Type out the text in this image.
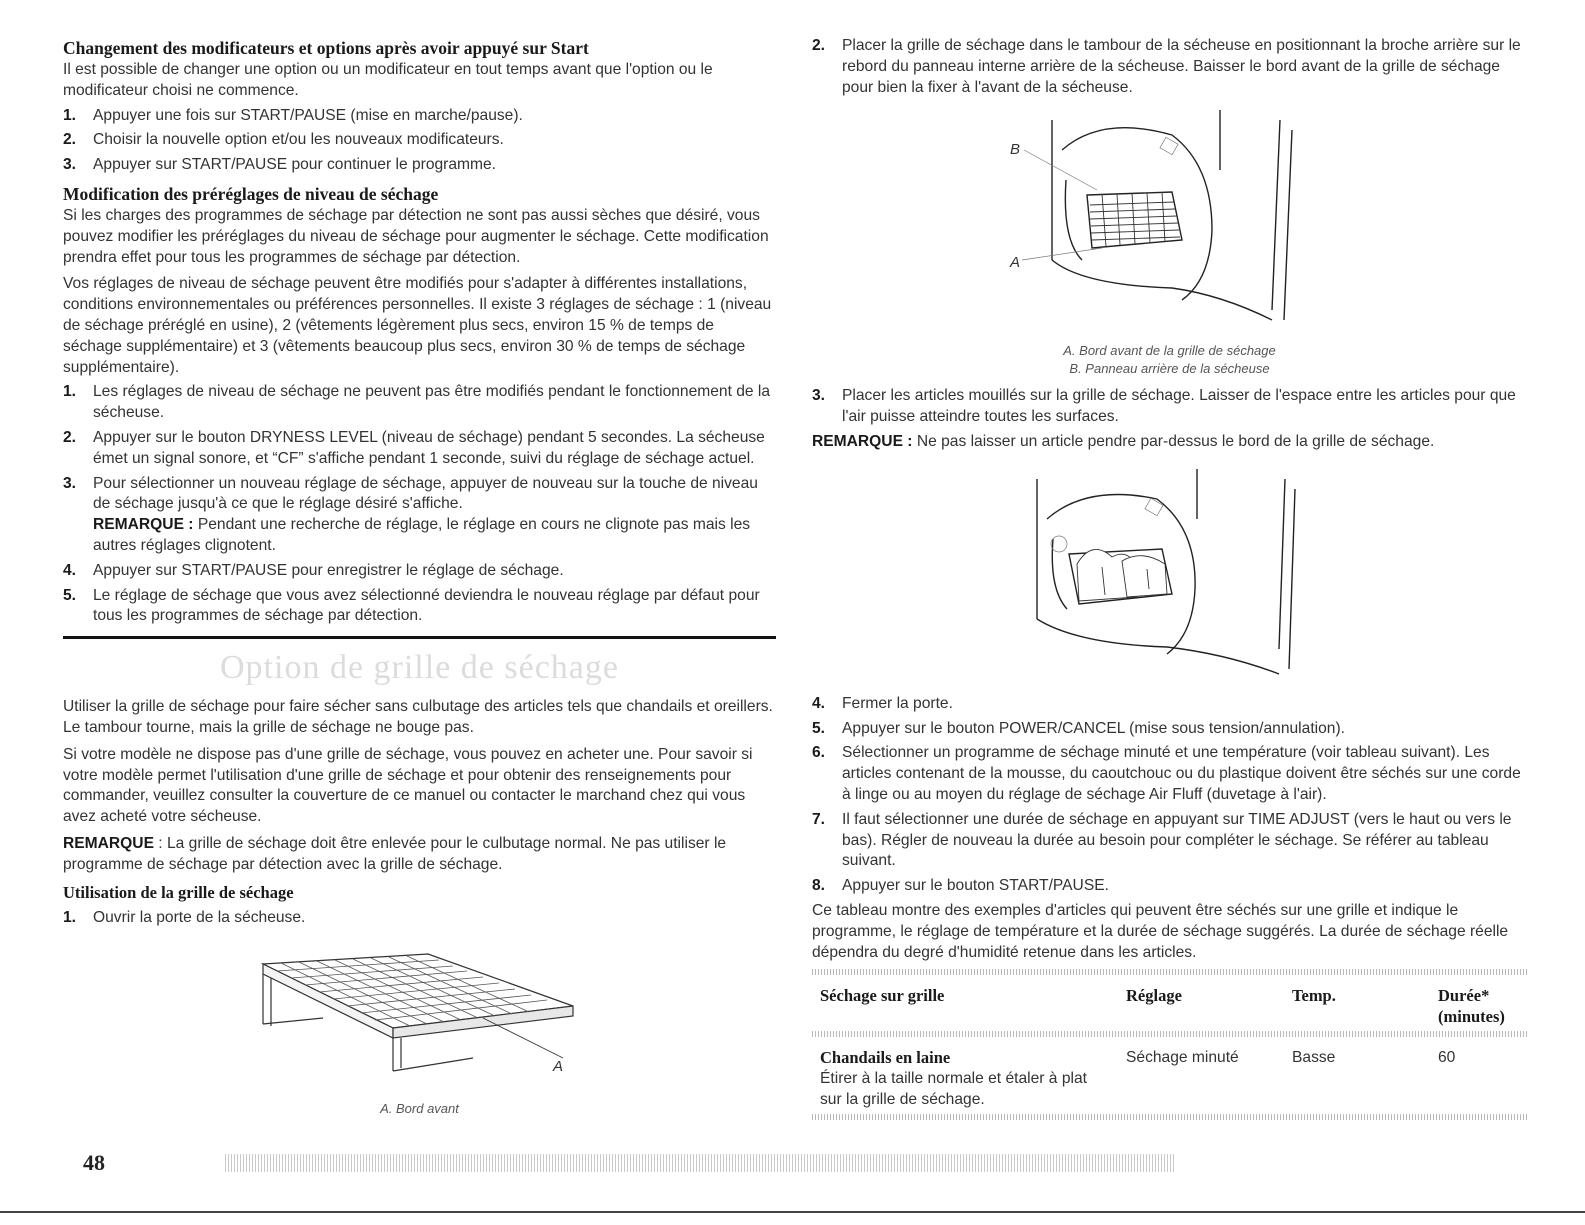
Changement des modificateurs et options après avoir appuyé sur Start

Il est possible de changer une option ou un modificateur en tout temps avant que l'option ou le modificateur choisi ne commence.

1. Appuyer une fois sur START/PAUSE (mise en marche/pause).
2. Choisir la nouvelle option et/ou les nouveaux modificateurs.
3. Appuyer sur START/PAUSE pour continuer le programme.
Modification des préréglages de niveau de séchage

Si les charges des programmes de séchage par détection ne sont pas aussi sèches que désiré, vous pouvez modifier les préréglages du niveau de séchage pour augmenter le séchage. Cette modification prendra effet pour tous les programmes de séchage par détection.

Vos réglages de niveau de séchage peuvent être modifiés pour s'adapter à différentes installations, conditions environnementales ou préférences personnelles. Il existe 3 réglages de séchage : 1 (niveau de séchage préréglé en usine), 2 (vêtements légèrement plus secs, environ 15 % de temps de séchage supplémentaire) et 3 (vêtements beaucoup plus secs, environ 30 % de temps de séchage supplémentaire).

1. Les réglages de niveau de séchage ne peuvent pas être modifiés pendant le fonctionnement de la sécheuse.
2. Appuyer sur le bouton DRYNESS LEVEL (niveau de séchage) pendant 5 secondes. La sécheuse émet un signal sonore, et “CF” s'affiche pendant 1 seconde, suivi du réglage de séchage actuel.
3. Pour sélectionner un nouveau réglage de séchage, appuyer de nouveau sur la touche de niveau de séchage jusqu'à ce que le réglage désiré s'affiche.
REMARQUE : Pendant une recherche de réglage, le réglage en cours ne clignote pas mais les autres réglages clignotent.
4. Appuyer sur START/PAUSE pour enregistrer le réglage de séchage.
5. Le réglage de séchage que vous avez sélectionné deviendra le nouveau réglage par défaut pour tous les programmes de séchage par détection.
Option de grille de séchage

Utiliser la grille de séchage pour faire sécher sans culbutage des articles tels que chandails et oreillers. Le tambour tourne, mais la grille de séchage ne bouge pas.

Si votre modèle ne dispose pas d'une grille de séchage, vous pouvez en acheter une. Pour savoir si votre modèle permet l'utilisation d'une grille de séchage et pour obtenir des renseignements pour commander, veuillez consulter la couverture de ce manuel ou contacter le marchand chez qui vous avez acheté votre sécheuse.

REMARQUE : La grille de séchage doit être enlevée pour le culbutage normal. Ne pas utiliser le programme de séchage par détection avec la grille de séchage.

Utilisation de la grille de séchage
1. Ouvrir la porte de la sécheuse.
A
A. Bord avant
2. Placer la grille de séchage dans le tambour de la sécheuse en positionnant la broche arrière sur le rebord du panneau interne arrière de la sécheuse. Baisser le bord avant de la grille de séchage pour bien la fixer à l'avant de la sécheuse.
B
A
A. Bord avant de la grille de séchage
B. Panneau arrière de la sécheuse
3. Placer les articles mouillés sur la grille de séchage. Laisser de l'espace entre les articles pour que l'air puisse atteindre toutes les surfaces.

REMARQUE : Ne pas laisser un article pendre par-dessus le bord de la grille de séchage.

4. Fermer la porte.
5. Appuyer sur le bouton POWER/CANCEL (mise sous tension/annulation).
6. Sélectionner un programme de séchage minuté et une température (voir tableau suivant). Les articles contenant de la mousse, du caoutchouc ou du plastique doivent être séchés sur une corde à linge ou au moyen du réglage de séchage Air Fluff (duvetage à l'air).
7. Il faut sélectionner une durée de séchage en appuyant sur TIME ADJUST (vers le haut ou vers le bas). Régler de nouveau la durée au besoin pour compléter le séchage. Se référer au tableau suivant.
8. Appuyer sur le bouton START/PAUSE.

Ce tableau montre des exemples d'articles qui peuvent être séchés sur une grille et indique le programme, le réglage de température et la durée de séchage suggérés. La durée de séchage réelle dépendra du degré d'humidité retenue dans les articles.

Séchage sur grille	Réglage	Temp.	Durée*
(minutes)
Chandails en laine
Étirer à la taille normale et étaler à plat sur la grille de séchage.
	Séchage minuté	Basse	60
48
